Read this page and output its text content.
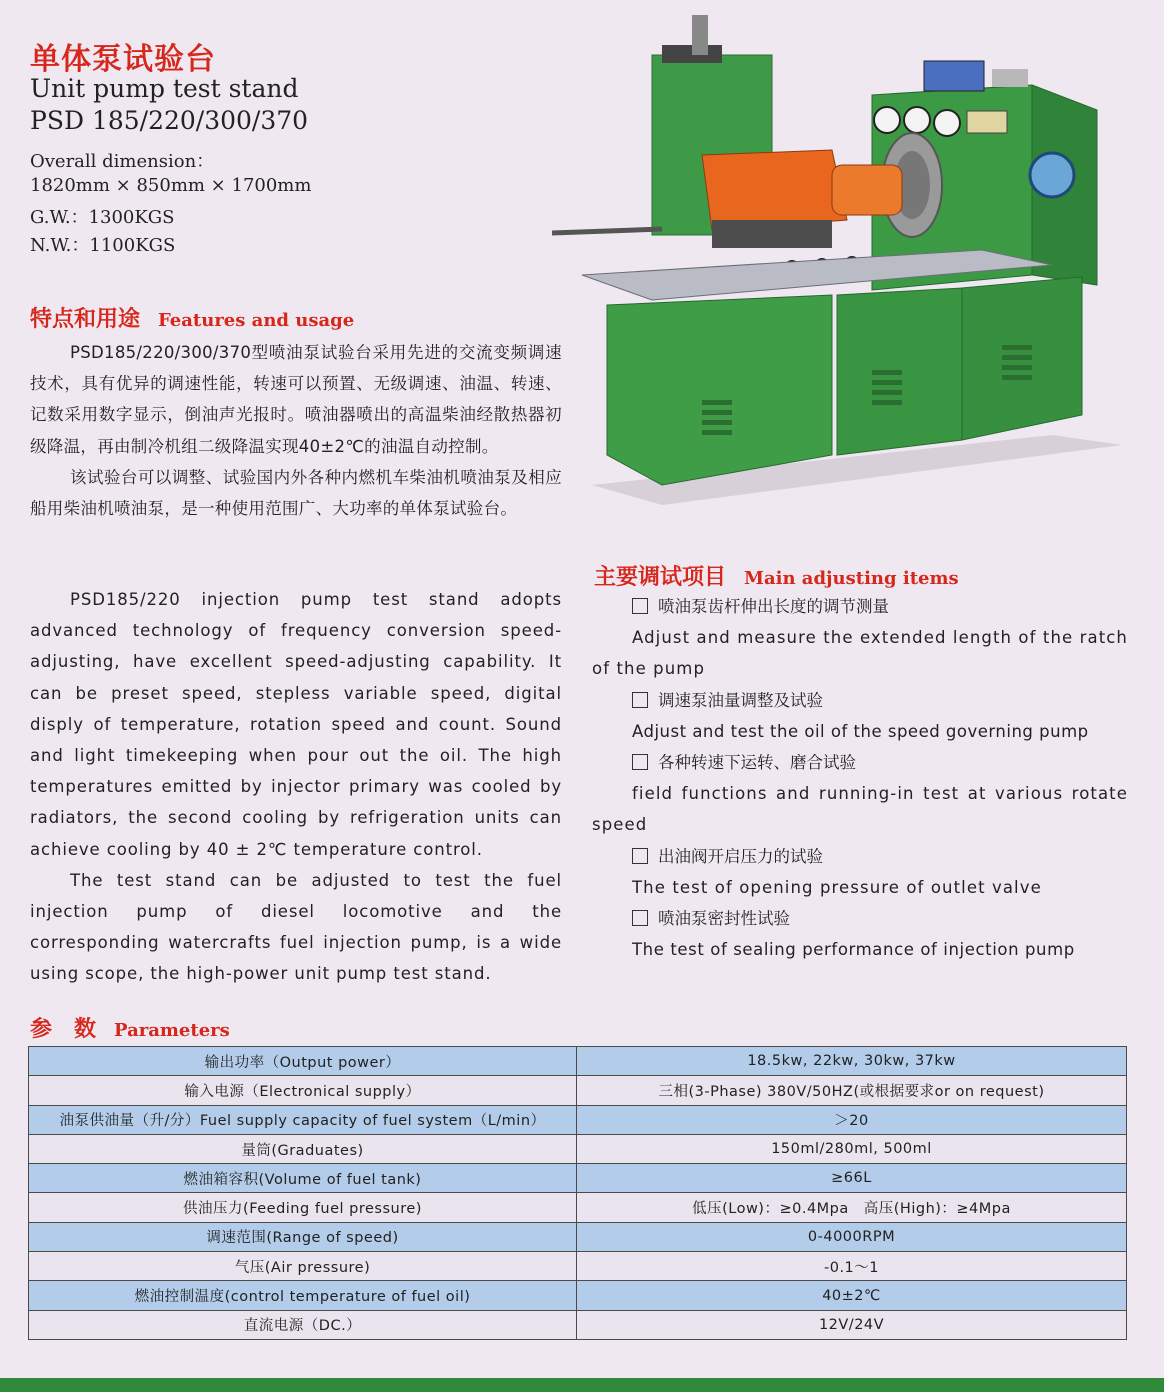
单体泵试验台
Unit pump test stand
PSD 185/220/300/370
Overall dimension：
1820mm × 850mm × 1700mm
G.W.：1300KGS
N.W.：1100KGS
特点和用途 Features and usage

PSD185/220/300/370型喷油泵试验台采用先进的交流变频调速技术，具有优异的调速性能，转速可以预置、无级调速、油温、转速、记数采用数字显示，倒油声光报时。喷油器喷出的高温柴油经散热器初级降温，再由制冷机组二级降温实现40±2℃的油温自动控制。

该试验台可以调整、试验国内外各种内燃机车柴油机喷油泵及相应船用柴油机喷油泵，是一种使用范围广、大功率的单体泵试验台。

PSD185/220 injection pump test stand adopts advanced technology of frequency conversion speed-adjusting, have excellent speed-adjusting capability. It can be preset speed, stepless variable speed, digital disply of temperature, rotation speed and count. Sound and light timekeeping when pour out the oil. The high temperatures emitted by injector primary was cooled by radiators, the second cooling by refrigeration units can achieve cooling by 40 ± 2℃ temperature control.

The test stand can be adjusted to test the fuel injection pump of diesel locomotive and the corresponding watercrafts fuel injection pump, is a wide using scope, the high-power unit pump test stand.

主要调试项目 Main adjusting items
喷油泵齿杆伸出长度的调节测量
Adjust and measure the extended length of the ratch of the pump
调速泵油量调整及试验
Adjust and test the oil of the speed governing pump
各种转速下运转、磨合试验
field functions and running-in test at various rotate speed
出油阀开启压力的试验
The test of opening pressure of outlet valve
喷油泵密封性试验
The test of sealing performance of injection pump
参　数 Parameters
输出功率（Output power）	18.5kw, 22kw, 30kw, 37kw
输入电源（Electronical supply）	三相(3-Phase) 380V/50HZ(或根据要求or on request)
油泵供油量（升/分）Fuel supply capacity of fuel system（L/min）	＞20
量筒(Graduates)	150ml/280ml, 500ml
燃油箱容积(Volume of fuel tank)	≥66L
供油压力(Feeding fuel pressure)	低压(Low)：≥0.4Mpa　高压(High)：≥4Mpa
调速范围(Range of speed)	0-4000RPM
气压(Air pressure)	-0.1～1
燃油控制温度(control temperature of fuel oil)	40±2℃
直流电源（DC.）	12V/24V
